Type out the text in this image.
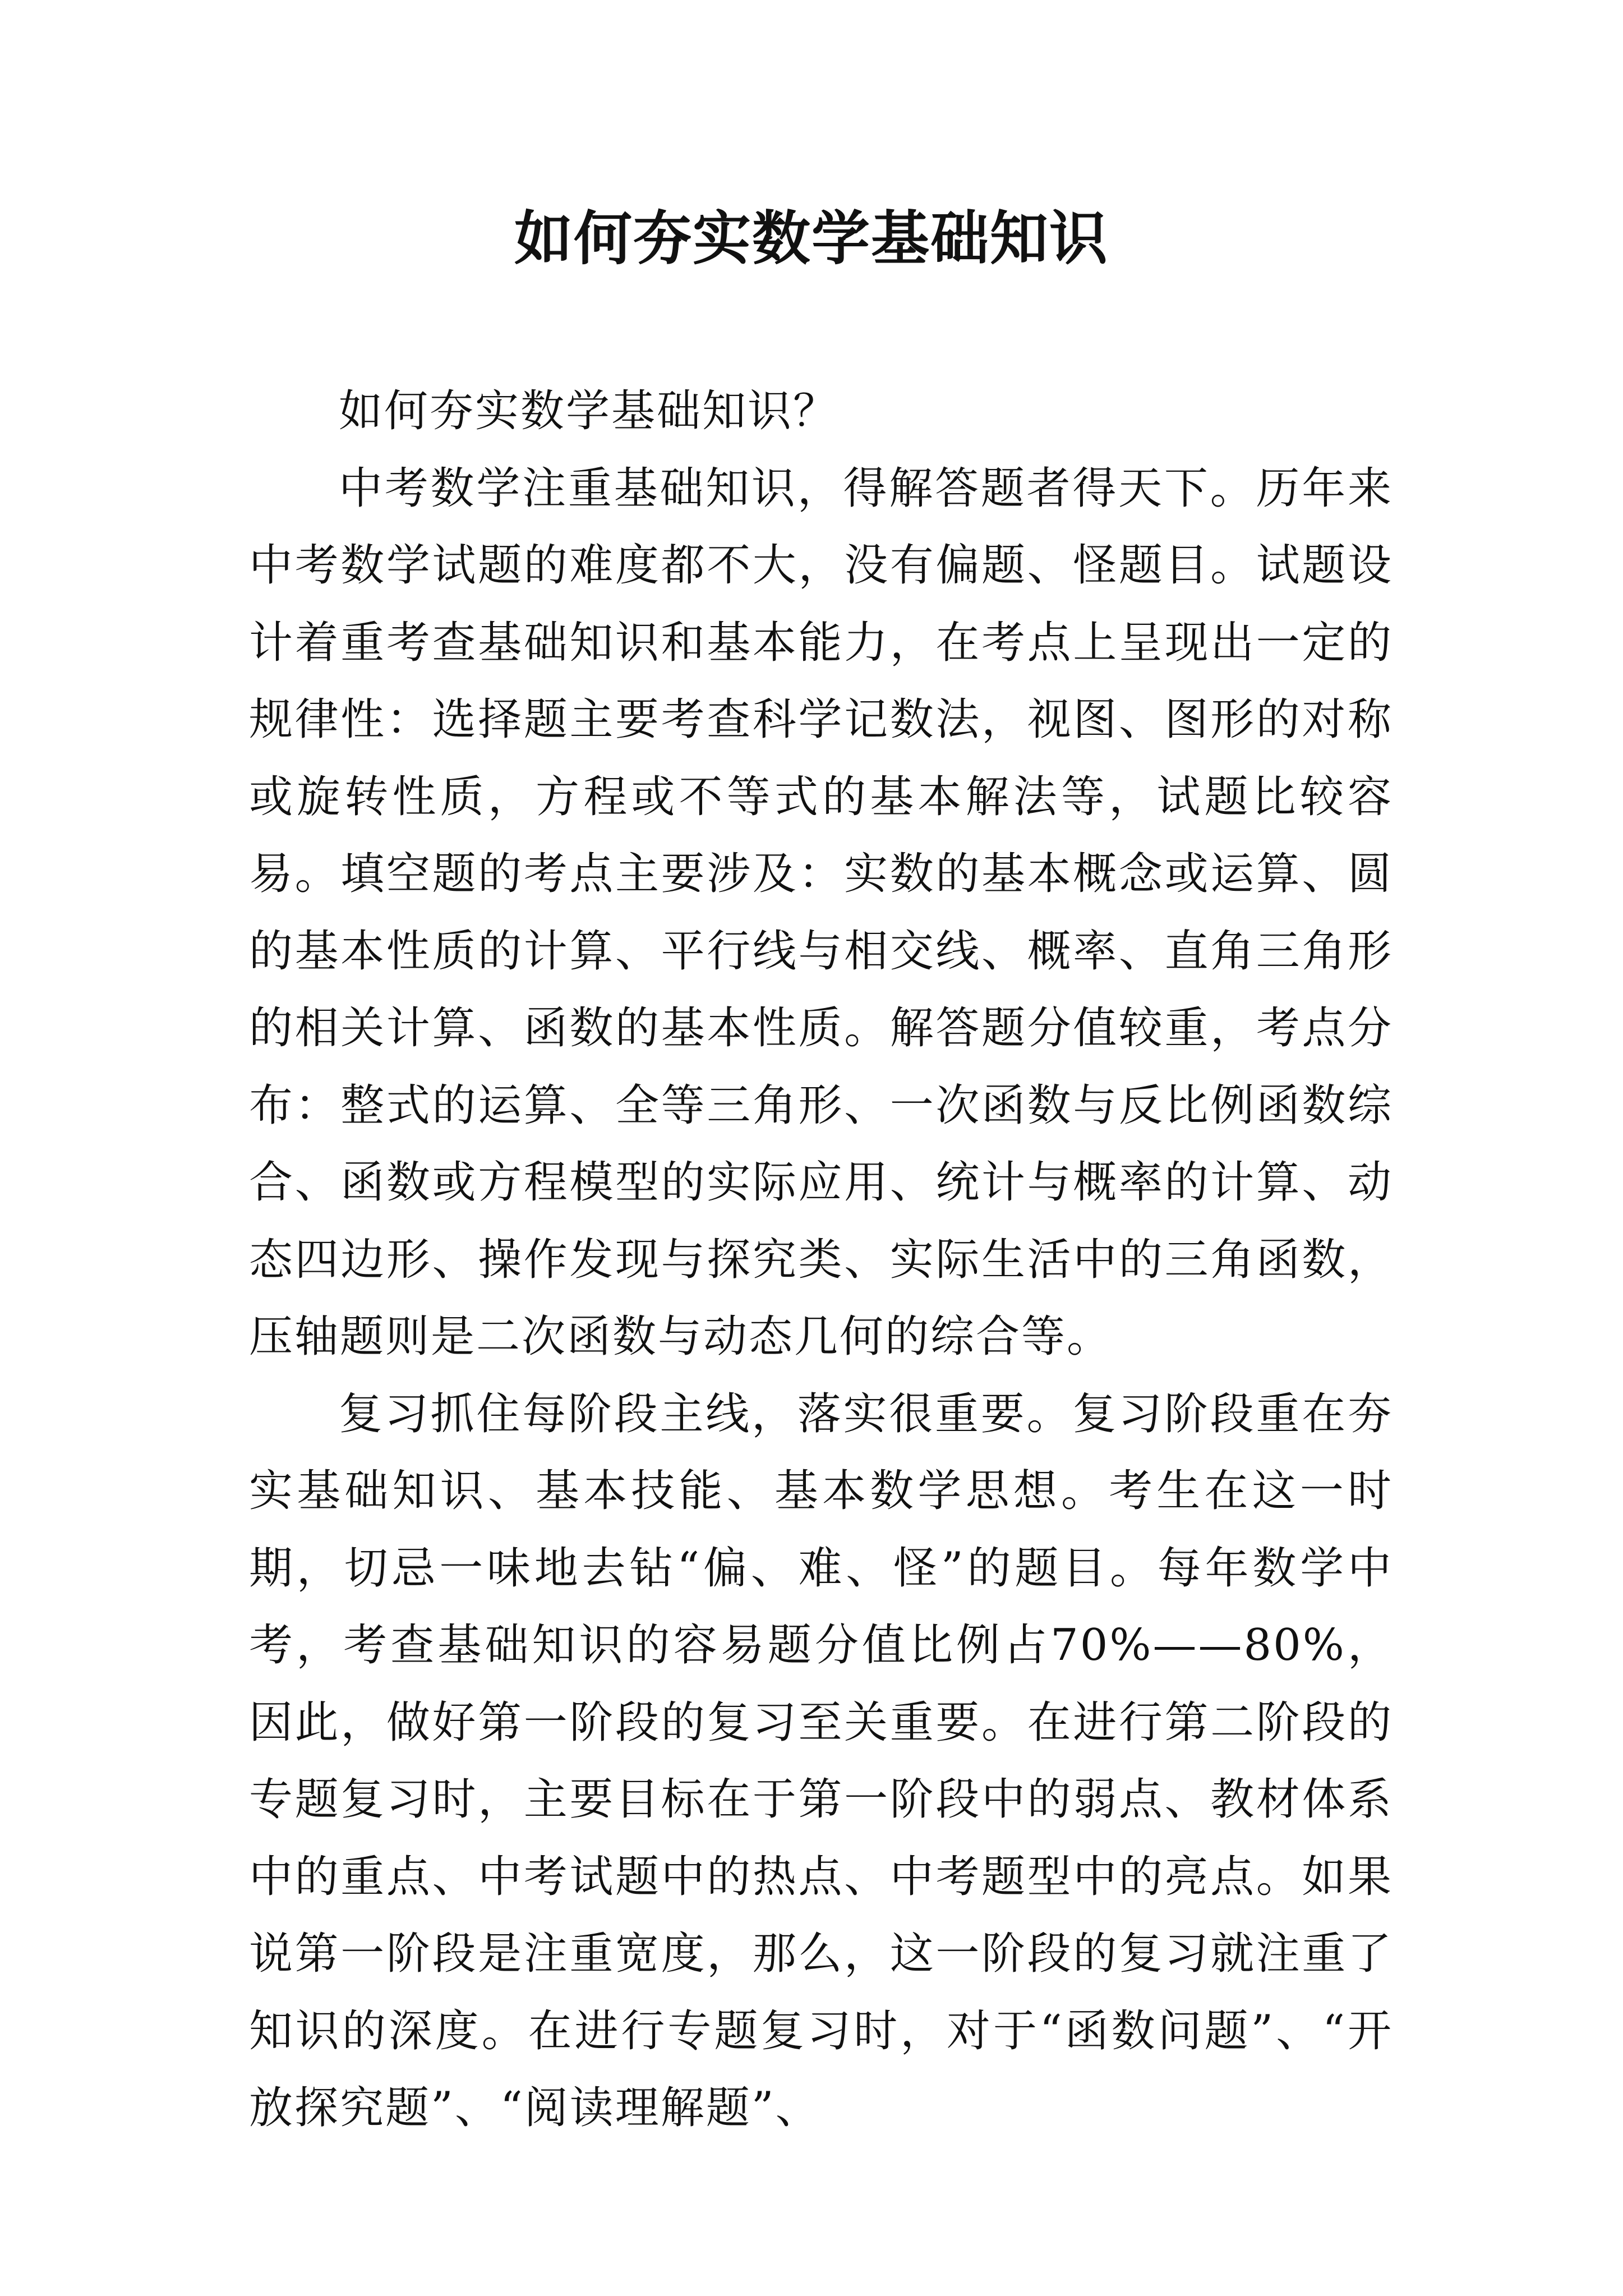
如何夯实数学基础知识

如何夯实数学基础知识？

中考数学注重基础知识，得解答题者得天下。历年来中考数学试题的难度都不大，没有偏题、怪题目。试题设计着重考查基础知识和基本能力，在考点上呈现出一定的规律性：选择题主要考查科学记数法，视图、图形的对称或旋转性质，方程或不等式的基本解法等，试题比较容易。填空题的考点主要涉及：实数的基本概念或运算、圆的基本性质的计算、平行线与相交线、概率、直角三角形的相关计算、函数的基本性质。解答题分值较重，考点分布：整式的运算、全等三角形、一次函数与反比例函数综合、函数或方程模型的实际应用、统计与概率的计算、动态四边形、操作发现与探究类、实际生活中的三角函数，压轴题则是二次函数与动态几何的综合等。

复习抓住每阶段主线，落实很重要。复习阶段重在夯实基础知识、基本技能、基本数学思想。考生在这一时期，切忌一味地去钻“偏、难、怪”的题目。每年数学中考，考查基础知识的容易题分值比例占70%——80%，因此，做好第一阶段的复习至关重要。在进行第二阶段的专题复习时，主要目标在于第一阶段中的弱点、教材体系中的重点、中考试题中的热点、中考题型中的亮点。如果说第一阶段是注重宽度，那么，这一阶段的复习就注重了知识的深度。在进行专题复习时，对于“函数问题”、“开放探究题”、“阅读理解题”、
